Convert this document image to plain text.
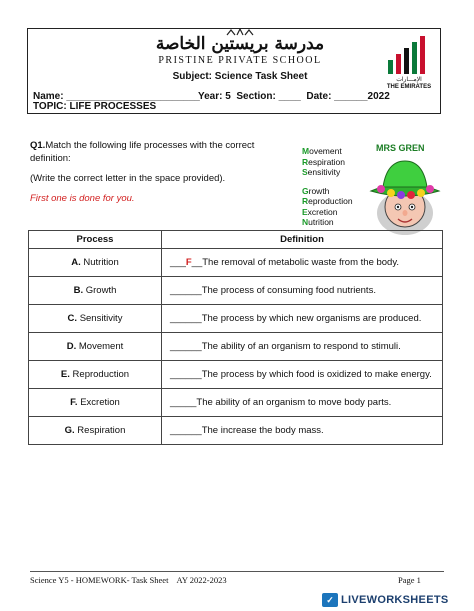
مدرسة بريستين الخاصة
PRISTINE PRIVATE SCHOOL
Subject: Science Task Sheet	الإمـــارات
THE EMIRATES
Name: ________________________
Year: 5  Section: ____  Date: ______2022
TOPIC: LIFE PROCESSES
Q1.Match the following life processes with the correct definition:
(Write the correct letter in the space provided).
First one is done for you.
Movement
Respiration
Sensitivity
Growth
Reproduction
Excretion
Nutrition
MRS GREN
Process	Definition
A. Nutrition	___F__The removal of metabolic waste from the body.
B. Growth	______The process of consuming food nutrients.
C. Sensitivity	______The process by which new organisms are produced.
D. Movement	______The ability of an organism to respond to stimuli.
E. Reproduction	______The process by which food is oxidized to make energy.
F. Excretion	_____The ability of an organism to move body parts.
G. Respiration	______The increase the body mass.
Science Y5 - HOMEWORK- Task Sheet    AY 2022-2023	Page 1
✓ LIVEWORKSHEETS
